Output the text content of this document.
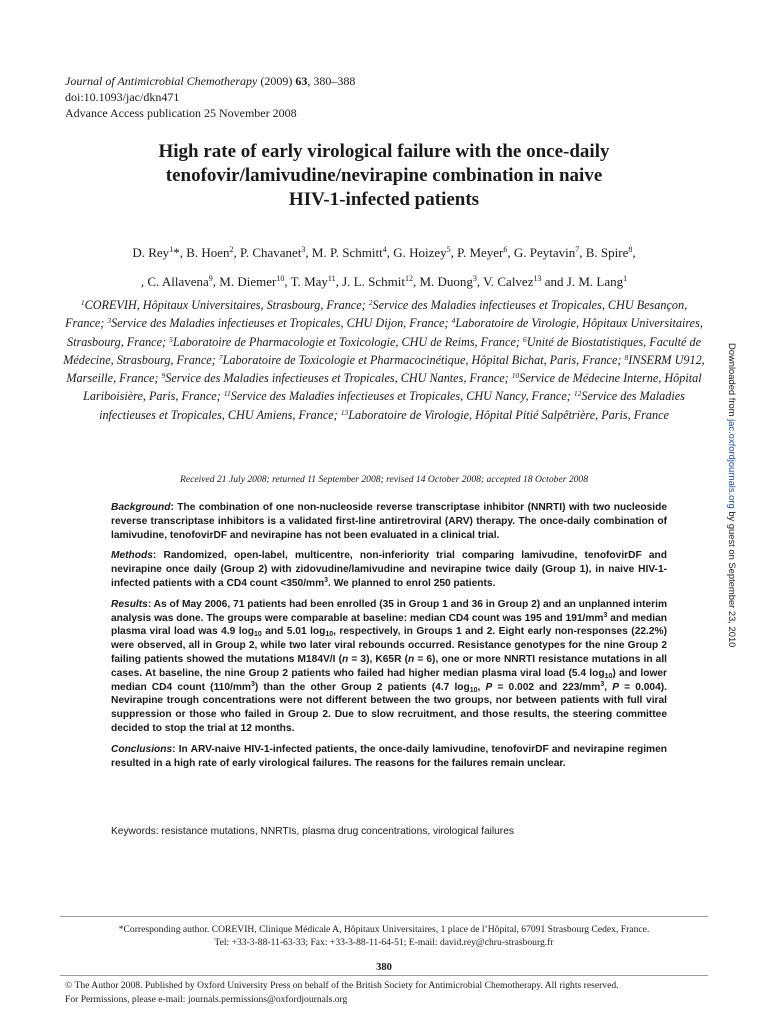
Journal of Antimicrobial Chemotherapy (2009) 63, 380–388
doi:10.1093/jac/dkn471
Advance Access publication 25 November 2008
High rate of early virological failure with the once-daily
tenofovir/lamivudine/nevirapine combination in naive
HIV-1-infected patients

D. Rey$^1$*, B. Hoen$^2$, P. Chavanet$^3$, M. P. Schmitt$^4$, G. Hoizey$^5$, P. Meyer$^6$, G. Peytavin$^7$, B. Spire$^8$,
, C. Allavena$^9$, M. Diemer$^{10}$, T. May$^{11}$, J. L. Schmit$^{12}$, M. Duong$^3$, V. Calvez$^{13}$ and J. M. Lang$^1$

$^1$COREVIH, Hôpitaux Universitaires, Strasbourg, France; $^2$Service des Maladies infectieuses et Tropicales, CHU Besançon, France; $^3$Service des Maladies infectieuses et Tropicales, CHU Dijon, France; $^4$Laboratoire de Virologie, Hôpitaux Universitaires, Strasbourg, France; $^5$Laboratoire de Pharmacologie et Toxicologie, CHU de Reims, France; $^6$Unité de Biostatistiques, Faculté de Médecine, Strasbourg, France; $^7$Laboratoire de Toxicologie et Pharmacocinétique, Hôpital Bichat, Paris, France; $^8$INSERM U912, Marseille, France; $^9$Service des Maladies infectieuses et Tropicales, CHU Nantes, France; $^{10}$Service de Médecine Interne, Hôpital Lariboisière, Paris, France; $^{11}$Service des Maladies infectieuses et Tropicales, CHU Nancy, France; $^{12}$Service des Maladies infectieuses et Tropicales, CHU Amiens, France; $^{13}$Laboratoire de Virologie, Hôpital Pitié Salpêtrière, Paris, France

Received 21 July 2008; returned 11 September 2008; revised 14 October 2008; accepted 18 October 2008

Background: The combination of one non-nucleoside reverse transcriptase inhibitor (NNRTI) with two nucleoside reverse transcriptase inhibitors is a validated first-line antiretroviral (ARV) therapy. The once-daily combination of lamivudine, tenofovirDF and nevirapine has not been evaluated in a clinical trial.

Methods: Randomized, open-label, multicentre, non-inferiority trial comparing lamivudine, tenofovirDF and nevirapine once daily (Group 2) with zidovudine/lamivudine and nevirapine twice daily (Group 1), in naive HIV-1-infected patients with a CD4 count $<350/mm^3$. We planned to enrol 250 patients.

Results: As of May 2006, 71 patients had been enrolled (35 in Group 1 and 36 in Group 2) and an unplanned interim analysis was done. The groups were comparable at baseline: median CD4 count was 195 and $191/mm^3$ and median plasma viral load was 4.9 $\log_{10}$ and 5.01 $\log_{10}$, respectively, in Groups 1 and 2. Eight early non-responses (22.2%) were observed, all in Group 2, while two later viral rebounds occurred. Resistance genotypes for the nine Group 2 failing patients showed the mutations M184V/I (n = 3), K65R (n = 6), one or more NNRTI resistance mutations in all cases. At baseline, the nine Group 2 patients who failed had higher median plasma viral load (5.4 $\log_{10}$) and lower median CD4 count $(110/mm^3)$ than the other Group 2 patients (4.7 $\log_{10}$, P = 0.002 and $223/mm^3$, P = 0.004). Nevirapine trough concentrations were not different between the two groups, nor between patients with full viral suppression or those who failed in Group 2. Due to slow recruitment, and those results, the steering committee decided to stop the trial at 12 months.

Conclusions: In ARV-naive HIV-1-infected patients, the once-daily lamivudine, tenofovirDF and nevirapine regimen resulted in a high rate of early virological failures. The reasons for the failures remain unclear.

Keywords: resistance mutations, NNRTIs, plasma drug concentrations, virological failures

*Corresponding author. COREVIH, Clinique Médicale A, Hôpitaux Universitaires, 1 place de l’Hôpital, 67091 Strasbourg Cedex, France.
Tel: +33-3-88-11-63-33; Fax: +33-3-88-11-64-51; E-mail: david.rey@chru-strasbourg.fr

380

© The Author 2008. Published by Oxford University Press on behalf of the British Society for Antimicrobial Chemotherapy. All rights reserved.
For Permissions, please e-mail: journals.permissions@oxfordjournals.org

Downloaded from jac.oxfordjournals.org by guest on September 23, 2010
